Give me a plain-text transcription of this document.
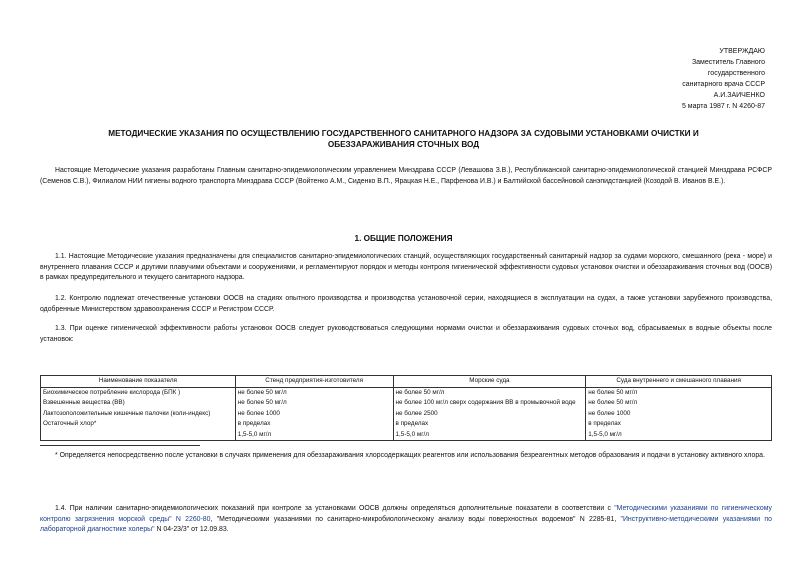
УТВЕРЖДАЮ
Заместитель Главного
государственного
санитарного врача СССР
А.И.ЗАИЧЕНКО
5 марта 1987 г. N 4260-87
МЕТОДИЧЕСКИЕ УКАЗАНИЯ ПО ОСУЩЕСТВЛЕНИЮ ГОСУДАРСТВЕННОГО САНИТАРНОГО НАДЗОРА ЗА СУДОВЫМИ УСТАНОВКАМИ ОЧИСТКИ И
ОБЕЗЗАРАЖИВАНИЯ СТОЧНЫХ ВОД

Настоящие Методические указания разработаны Главным санитарно-эпидемиологическим управлением Минздрава СССР (Левашова З.В.), Республиканской санитарно-эпидемиологической станцией Минздрава РСФСР (Семенов С.В.), Филиалом НИИ гигиены водного транспорта Минздрава СССР (Войтенко А.М., Сиденко В.П., Ярацкая Н.Е., Парфенова И.В.) и Балтийской бассейновой санэпидстанцией (Козодой В. Иванов В.Е.).

1. ОБЩИЕ ПОЛОЖЕНИЯ

1.1. Настоящие Методические указания предназначены для специалистов санитарно-эпидемиологических станций, осуществляющих государственный санитарный надзор за судами морского, смешанного (река - море) и внутреннего плавания СССР и другими плавучими объектами и сооружениями, и регламентируют порядок и методы контроля гигиенической эффективности судовых установок очистки и обеззараживания сточных вод (ООСВ) в рамках предупредительного и текущего санитарного надзора.

1.2. Контролю подлежат отечественные установки ООСВ на стадиях опытного производства и производства установочной серии, находящиеся в эксплуатации на судах, а также установки зарубежного производства, одобренные Министерством здравоохранения СССР и Регистром СССР.

1.3. При оценке гигиенической эффективности работы установок ООСВ следует руководствоваться следующими нормами очистки и обеззараживания судовых сточных вод, сбрасываемых в водные объекты после установок:

Наименование показателя	Стенд предприятия-изготовителя	Морские суда	Суда внутреннего и смешанного плавания
Биохимическое потребление кислорода (БПК )	не более 50 мг/л	не более 50 мг/л	не более 50 мг/л
Взвешенные вещества (ВВ)	не более 50 мг/л	не более 100 мг/л сверх содержания ВВ в промывочной воде	не более 50 мг/л
Лактозоположительные кишечные палочки (коли-индекс)	не более 1000	не более 2500	не более 1000
Остаточный хлор*	в пределах	в пределах	в пределах
	1,5-5,0 мг/л	1,5-5,0 мг/л	1,5-5,0 мг/л

* Определяется непосредственно после установки в случаях применения для обеззараживания хлорсодержащих реагентов или использования безреагентных методов образования и подачи в установку активного хлора.

1.4. При наличии санитарно-эпидемиологических показаний при контроле за установками ООСВ должны определяться дополнительные показатели в соответствии с "Методическими указаниями по гигиеническому контролю загрязнения морской среды" N 2260-80, "Методическими указаниями по санитарно-микробиологическому анализу воды поверхностных водоемов" N 2285-81, "Инструктивно-методическими указаниями по лабораторной диагностике холеры" N 04-23/3" от 12.09.83.
